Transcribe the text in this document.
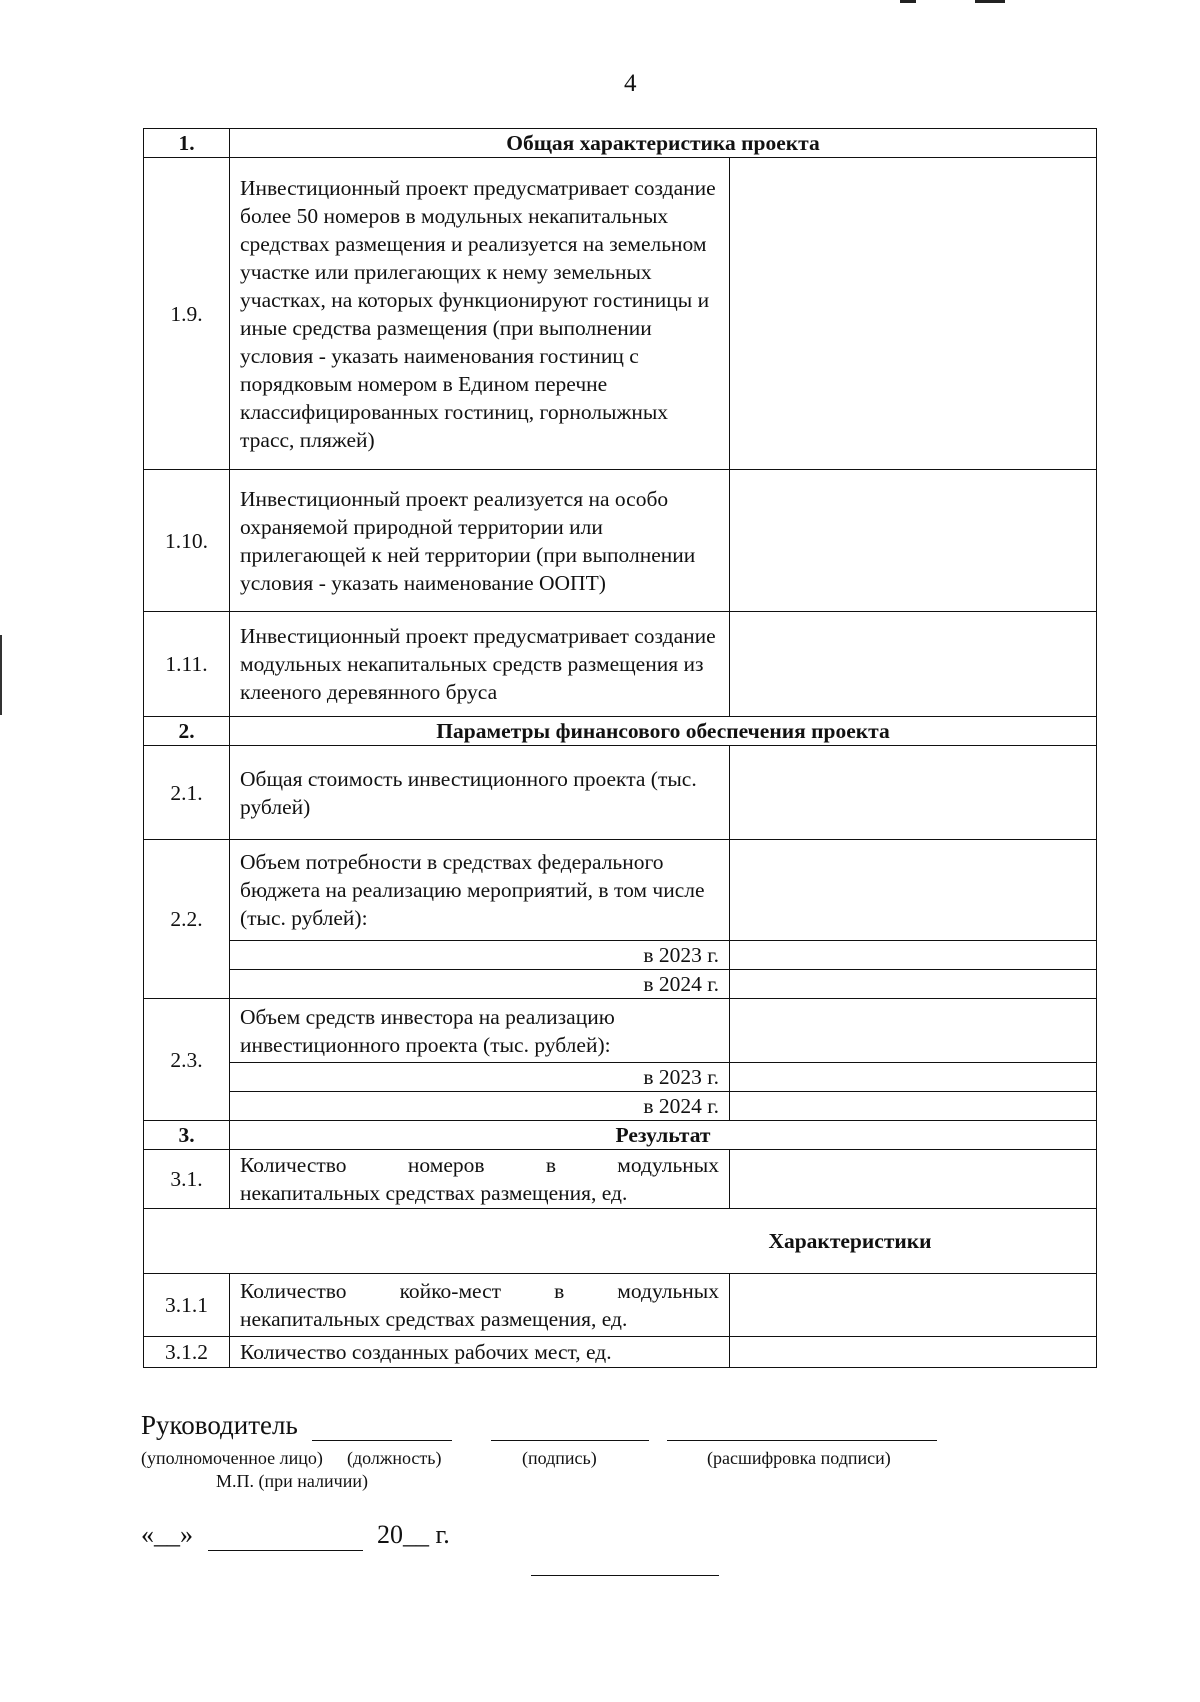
4
1.	Общая характеристика проекта	
1.9.	Инвестиционный проект предусматривает создание более 50 номеров в модульных некапитальных средствах размещения и реализуется на земельном участке или прилегающих к нему земельных участках, на которых функционируют гостиницы и иные средства размещения (при выполнении условия - указать наименования гостиниц с порядковым номером в Едином перечне классифицированных гостиниц, горнолыжных трасс, пляжей)	
1.10.	Инвестиционный проект реализуется на особо охраняемой природной территории или прилегающей к ней территории (при выполнении условия - указать наименование ООПТ)	
1.11.	Инвестиционный проект предусматривает создание модульных некапитальных средств размещения из клееного деревянного бруса	
2.	Параметры финансового обеспечения проекта	
2.1.	Общая стоимость инвестиционного проекта (тыс. рублей)	
2.2.	Объем потребности в средствах федерального бюджета на реализацию мероприятий, в том числе (тыс. рублей):	
	в 2023 г.	
	в 2024 г.	
2.3.	Объем средств инвестора на реализацию инвестиционного проекта (тыс. рублей):	
	в 2023 г.	
	в 2024 г.	
3.	Результат	
3.1.	Количество номеров в модульных
некапитальных средствах размещения, ед.	

Характеристики		
3.1.1	Количество койко-мест в модульных
некапитальных средствах размещения, ед.	

3.1.2	Количество созданных рабочих мест, ед.	
Руководитель
(уполномоченное лицо) (должность)	(подпись)	(расшифровка подписи)
М.П. (при наличии)
«__»	20__ г.
